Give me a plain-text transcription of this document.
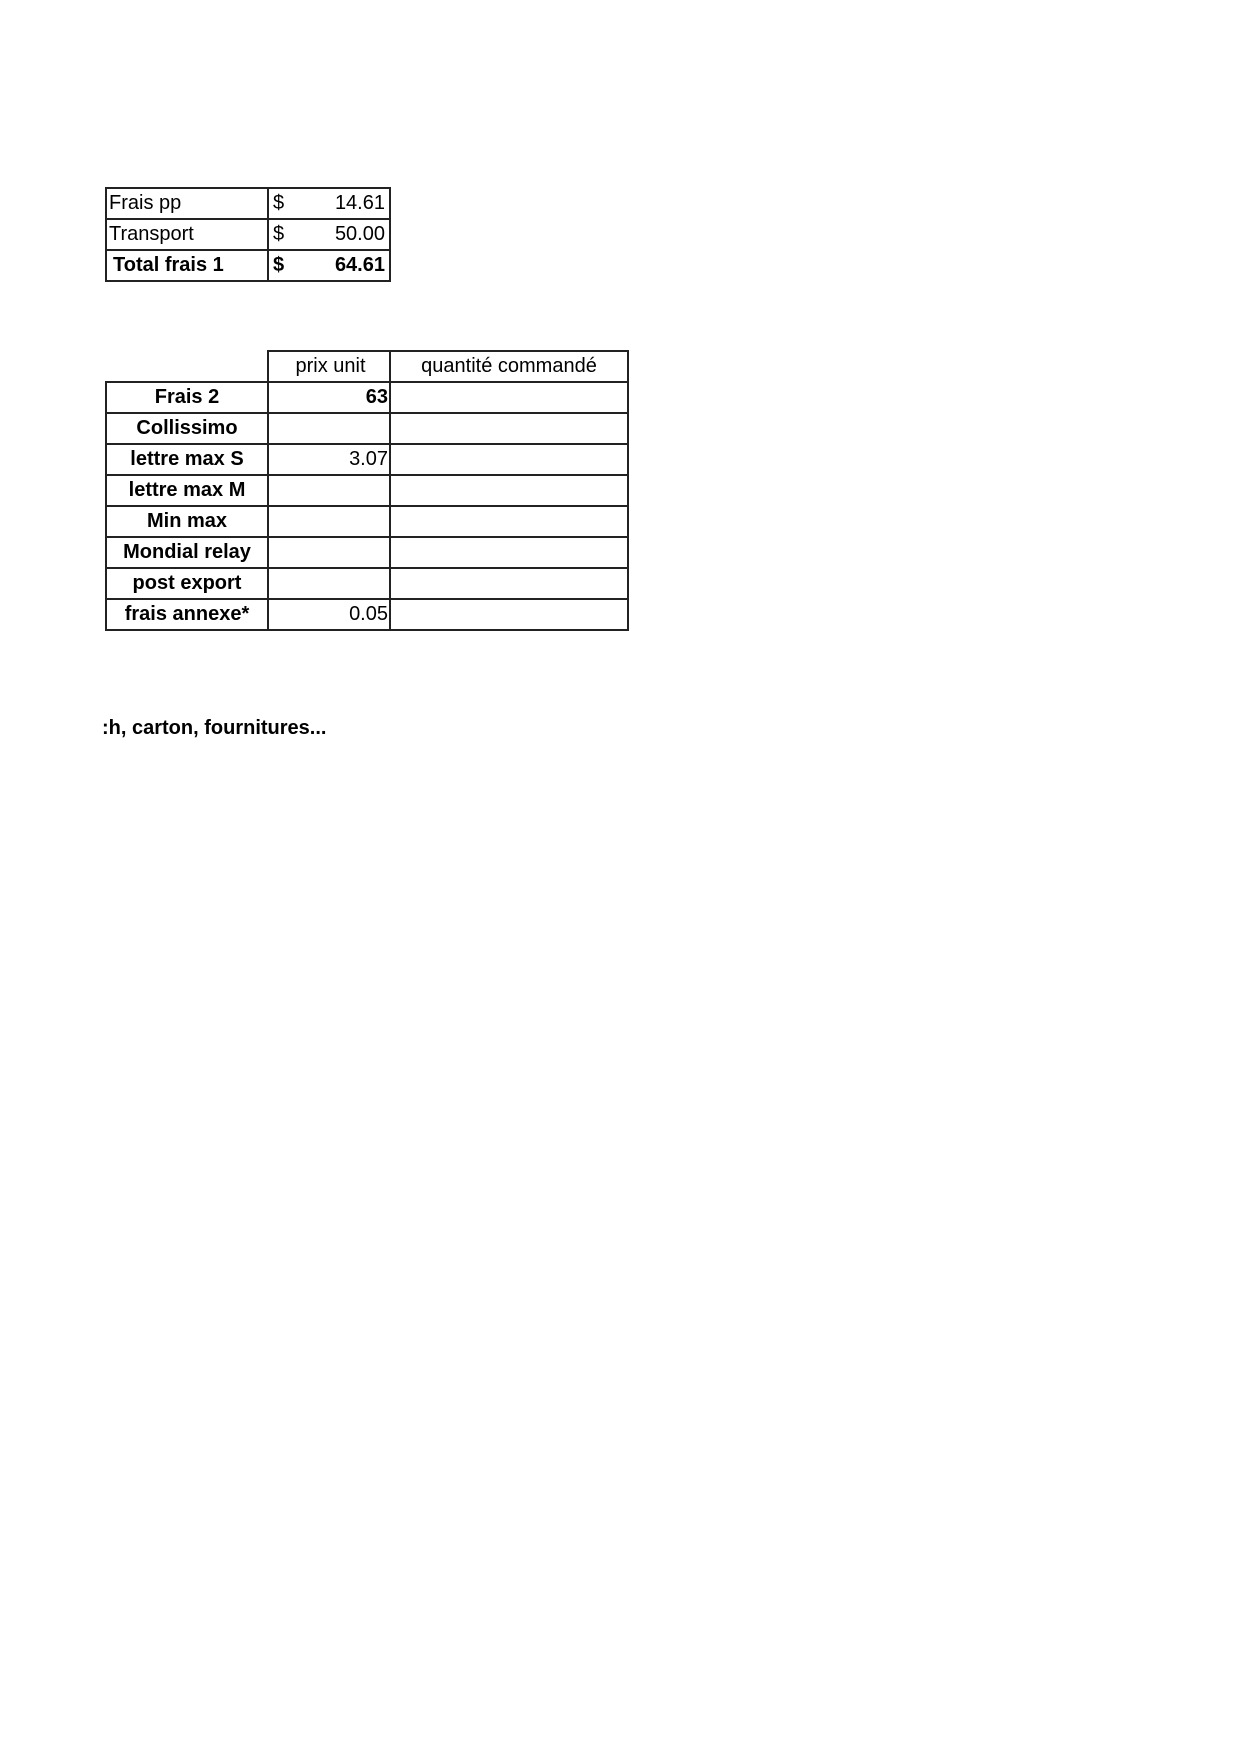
Frais pp	$ 14.61

Transport	$ 50.00

Total frais 1	$ 64.61
	prix unit	quantité commandé
Frais 2	63	
Collissimo		
lettre max S	3.07	
lettre max M		
Min max		
Mondial relay		
post export		
frais annexe*	0.05	
:h, carton, fournitures...
